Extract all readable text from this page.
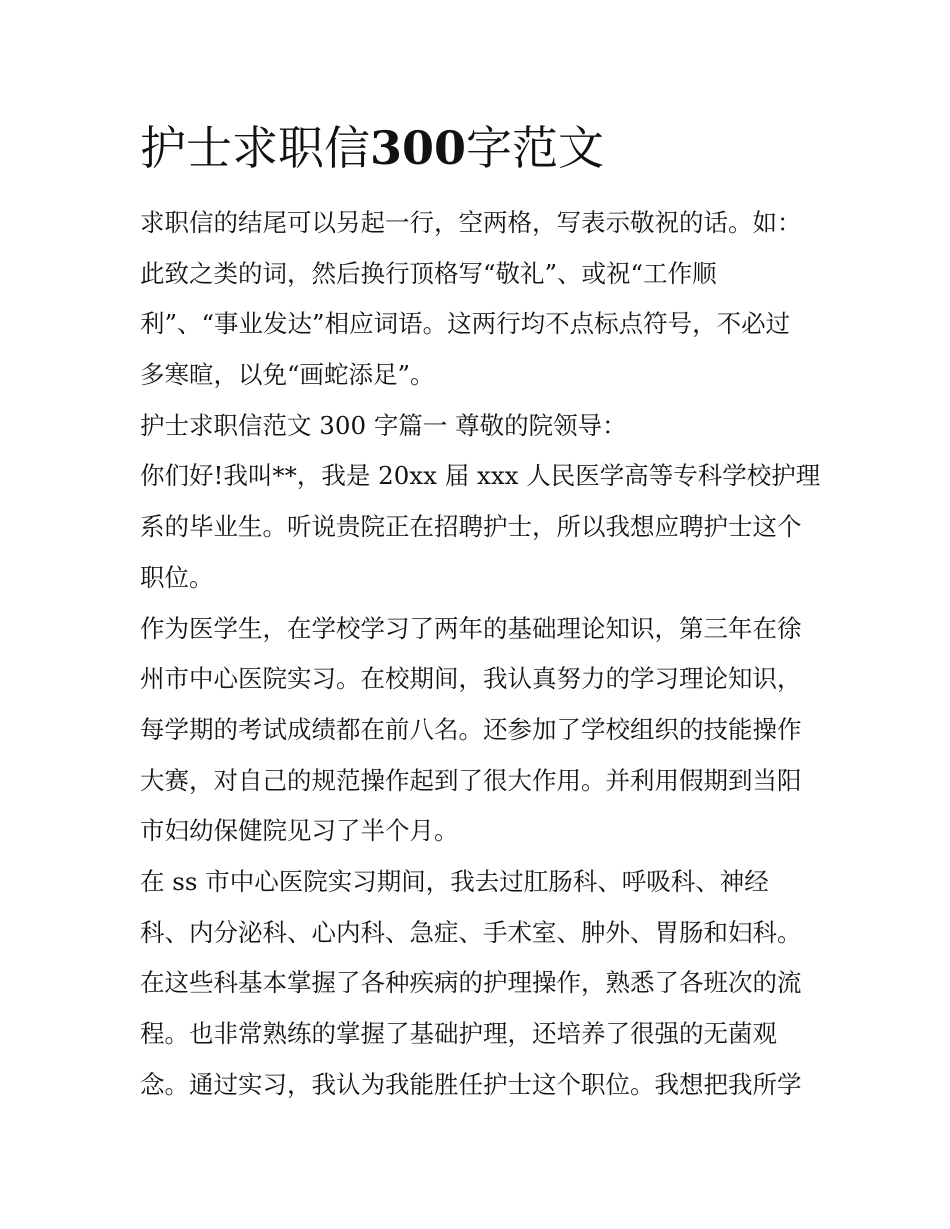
护士求职信300字范文
求职信的结尾可以另起一行，空两格，写表示敬祝的话。如：
此致之类的词，然后换行顶格写“敬礼”、或祝“工作顺
利”、“事业发达”相应词语。这两行均不点标点符号，不必过
多寒暄，以免“画蛇添足”。
护士求职信范文 300 字篇一 尊敬的院领导：
你们好!我叫**，我是 20xx 届 xxx 人民医学高等专科学校护理
系的毕业生。听说贵院正在招聘护士，所以我想应聘护士这个
职位。
作为医学生，在学校学习了两年的基础理论知识，第三年在徐
州市中心医院实习。在校期间，我认真努力的学习理论知识，
每学期的考试成绩都在前八名。还参加了学校组织的技能操作
大赛，对自己的规范操作起到了很大作用。并利用假期到当阳
市妇幼保健院见习了半个月。
在 ss 市中心医院实习期间，我去过肛肠科、呼吸科、神经
科、内分泌科、心内科、急症、手术室、肿外、胃肠和妇科。
在这些科基本掌握了各种疾病的护理操作，熟悉了各班次的流
程。也非常熟练的掌握了基础护理，还培养了很强的无菌观
念。通过实习，我认为我能胜任护士这个职位。我想把我所学
